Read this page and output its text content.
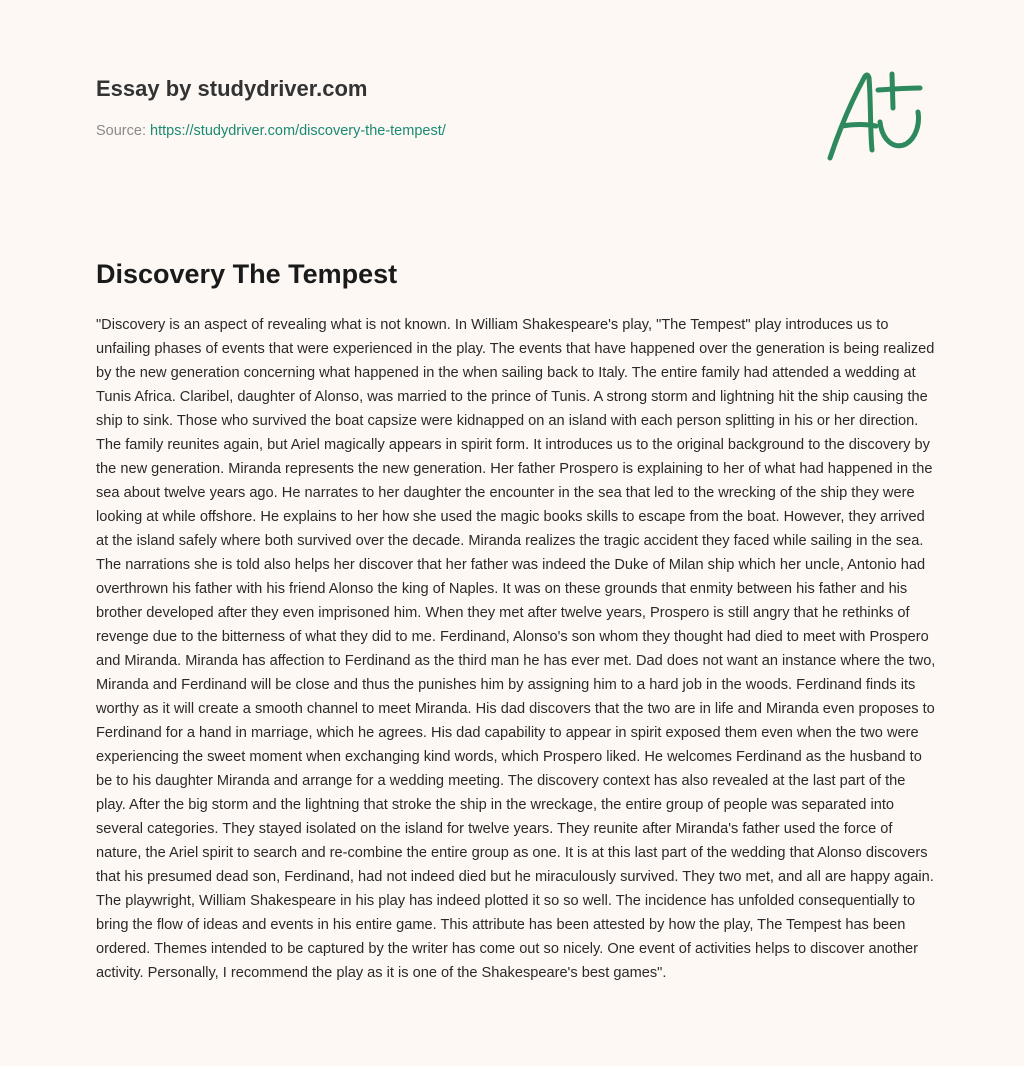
Essay by studydriver.com
Source: https://studydriver.com/discovery-the-tempest/
Discovery The Tempest

"Discovery is an aspect of revealing what is not known. In William Shakespeare's play, "The Tempest" play introduces us to unfailing phases of events that were experienced in the play. The events that have happened over the generation is being realized by the new generation concerning what happened in the when sailing back to Italy. The entire family had attended a wedding at Tunis Africa. Claribel, daughter of Alonso, was married to the prince of Tunis. A strong storm and lightning hit the ship causing the ship to sink. Those who survived the boat capsize were kidnapped on an island with each person splitting in his or her direction. The family reunites again, but Ariel magically appears in spirit form. It introduces us to the original background to the discovery by the new generation. Miranda represents the new generation. Her father Prospero is explaining to her of what had happened in the sea about twelve years ago. He narrates to her daughter the encounter in the sea that led to the wrecking of the ship they were looking at while offshore. He explains to her how she used the magic books skills to escape from the boat. However, they arrived at the island safely where both survived over the decade. Miranda realizes the tragic accident they faced while sailing in the sea. The narrations she is told also helps her discover that her father was indeed the Duke of Milan ship which her uncle, Antonio had overthrown his father with his friend Alonso the king of Naples. It was on these grounds that enmity between his father and his brother developed after they even imprisoned him. When they met after twelve years, Prospero is still angry that he rethinks of revenge due to the bitterness of what they did to me. Ferdinand, Alonso's son whom they thought had died to meet with Prospero and Miranda. Miranda has affection to Ferdinand as the third man he has ever met. Dad does not want an instance where the two, Miranda and Ferdinand will be close and thus the punishes him by assigning him to a hard job in the woods. Ferdinand finds its worthy as it will create a smooth channel to meet Miranda. His dad discovers that the two are in life and Miranda even proposes to Ferdinand for a hand in marriage, which he agrees. His dad capability to appear in spirit exposed them even when the two were experiencing the sweet moment when exchanging kind words, which Prospero liked. He welcomes Ferdinand as the husband to be to his daughter Miranda and arrange for a wedding meeting. The discovery context has also revealed at the last part of the play. After the big storm and the lightning that stroke the ship in the wreckage, the entire group of people was separated into several categories. They stayed isolated on the island for twelve years. They reunite after Miranda's father used the force of nature, the Ariel spirit to search and re-combine the entire group as one. It is at this last part of the wedding that Alonso discovers that his presumed dead son, Ferdinand, had not indeed died but he miraculously survived. They two met, and all are happy again. The playwright, William Shakespeare in his play has indeed plotted it so so well. The incidence has unfolded consequentially to bring the flow of ideas and events in his entire game. This attribute has been attested by how the play, The Tempest has been ordered. Themes intended to be captured by the writer has come out so nicely. One event of activities helps to discover another activity. Personally, I recommend the play as it is one of the Shakespeare's best games".
